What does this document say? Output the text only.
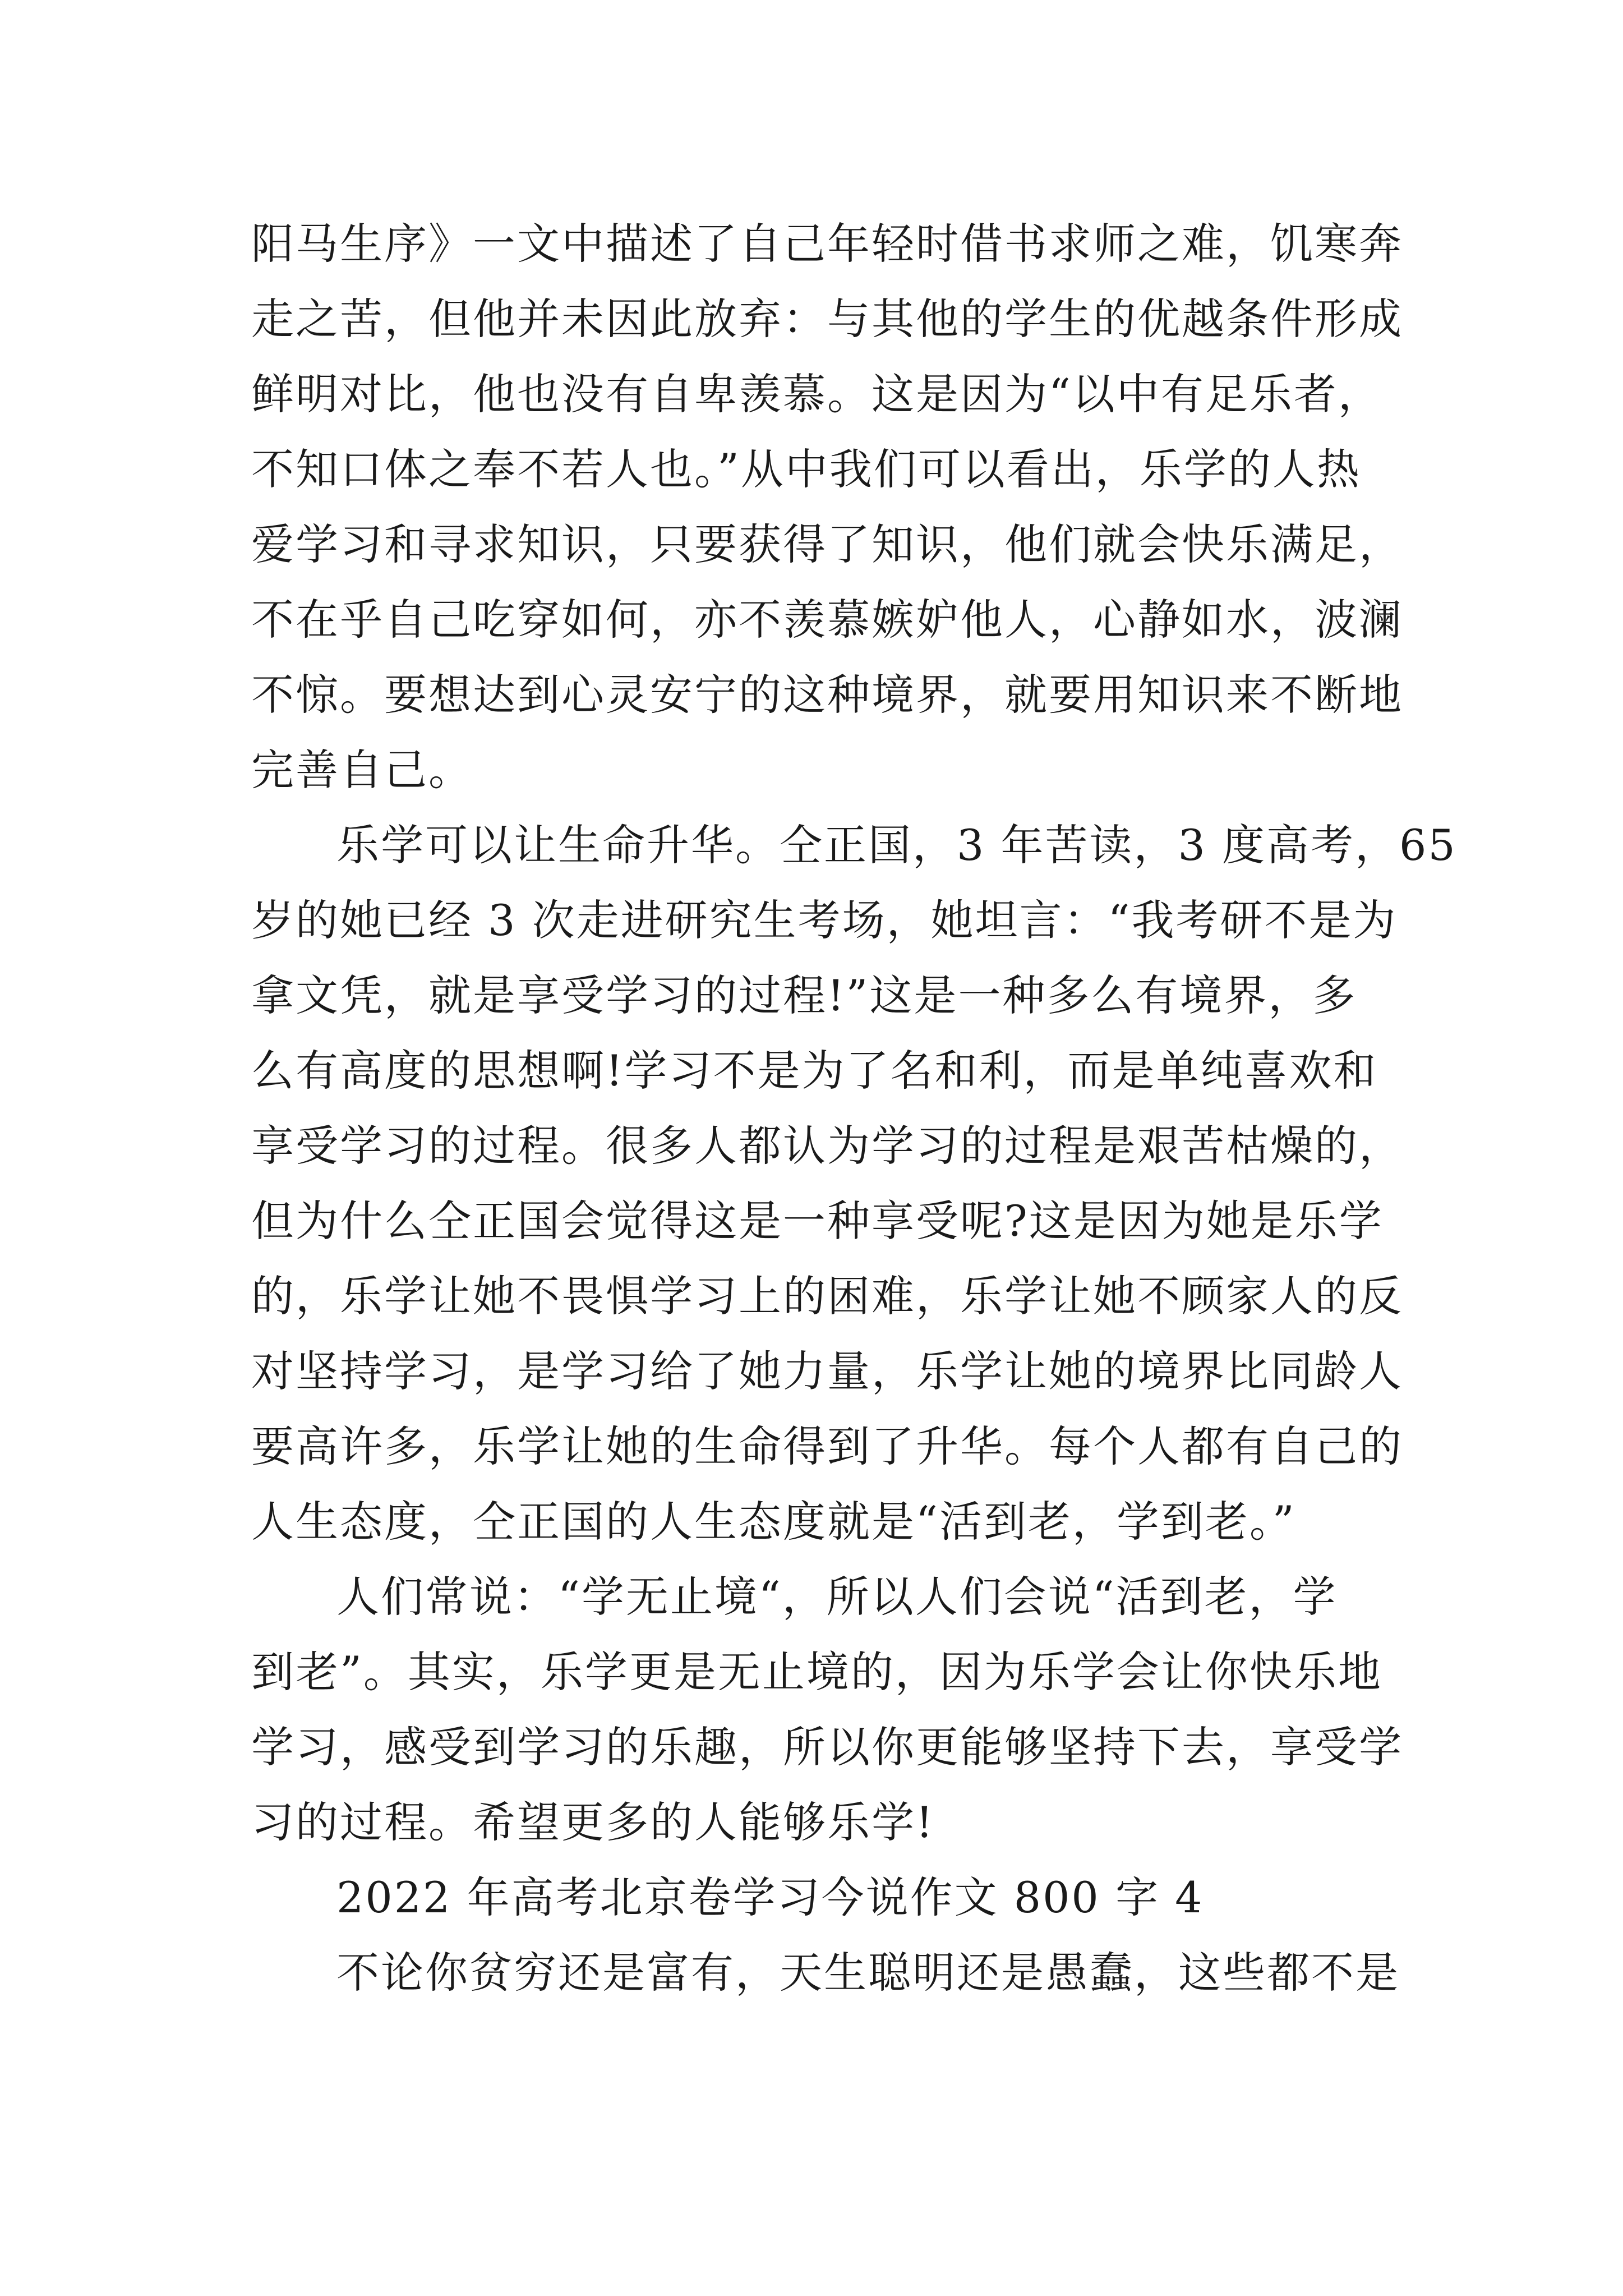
阳马生序》一文中描述了自己年轻时借书求师之难，饥寒奔
走之苦，但他并未因此放弃：与其他的学生的优越条件形成
鲜明对比，他也没有自卑羡慕。这是因为“以中有足乐者，
不知口体之奉不若人也。”从中我们可以看出，乐学的人热
爱学习和寻求知识，只要获得了知识，他们就会快乐满足，
不在乎自己吃穿如何，亦不羡慕嫉妒他人，心静如水，波澜
不惊。要想达到心灵安宁的这种境界，就要用知识来不断地
完善自己。
乐学可以让生命升华。仝正国，3 年苦读，3 度高考，65
岁的她已经 3 次走进研究生考场，她坦言：“我考研不是为
拿文凭，就是享受学习的过程!”这是一种多么有境界，多
么有高度的思想啊!学习不是为了名和利，而是单纯喜欢和
享受学习的过程。很多人都认为学习的过程是艰苦枯燥的，
但为什么仝正国会觉得这是一种享受呢?这是因为她是乐学
的，乐学让她不畏惧学习上的困难，乐学让她不顾家人的反
对坚持学习，是学习给了她力量，乐学让她的境界比同龄人
要高许多，乐学让她的生命得到了升华。每个人都有自己的
人生态度，仝正国的人生态度就是“活到老，学到老。”
人们常说：“学无止境“，所以人们会说“活到老，学
到老”。其实，乐学更是无止境的，因为乐学会让你快乐地
学习，感受到学习的乐趣，所以你更能够坚持下去，享受学
习的过程。希望更多的人能够乐学!
2022 年高考北京卷学习今说作文 800 字 4
不论你贫穷还是富有，天生聪明还是愚蠢，这些都不是
